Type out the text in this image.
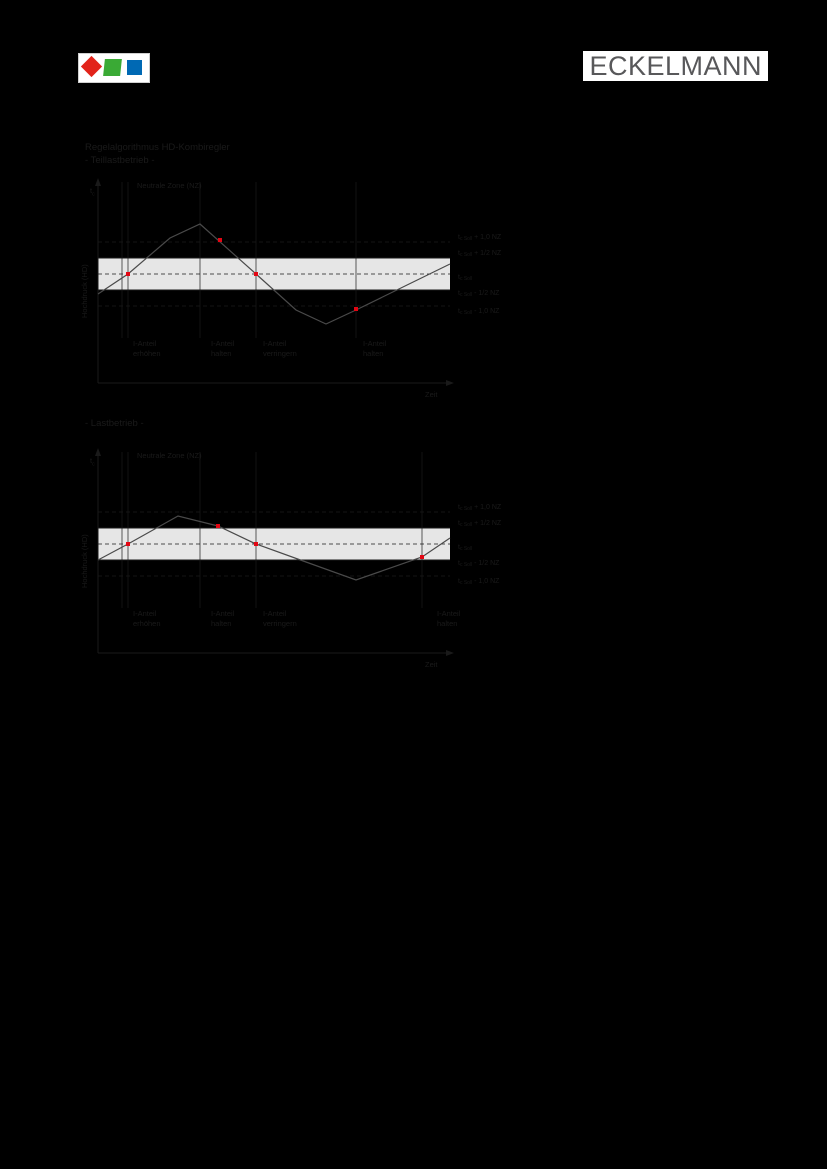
ECKELMANN
Regelalgorithmus HD-Kombiregler
- Teillastbetrieb -
$t_c$
Hochdruck (HD)
Zeit
Neutrale Zone (NZ)
$t_{c Soll} + 1,0$ NZ
$t_{c Soll} + 1/2$ NZ
$t_{c Soll}$
$t_{c Soll} - 1/2$ NZ
$t_{c Soll} - 1,0$ NZ
I-Anteil
erhöhen
I-Anteil
halten
I-Anteil
verringern
I-Anteil
halten
- Lastbetrieb -
$t_c$
Hochdruck (HD)
Zeit
Neutrale Zone (NZ)
$t_{c Soll} + 1,0$ NZ
$t_{c Soll} + 1/2$ NZ
$t_{c Soll}$
$t_{c Soll} - 1/2$ NZ
$t_{c Soll} - 1,0$ NZ
I-Anteil
erhöhen
I-Anteil
halten
I-Anteil
verringern
I-Anteil
halten
